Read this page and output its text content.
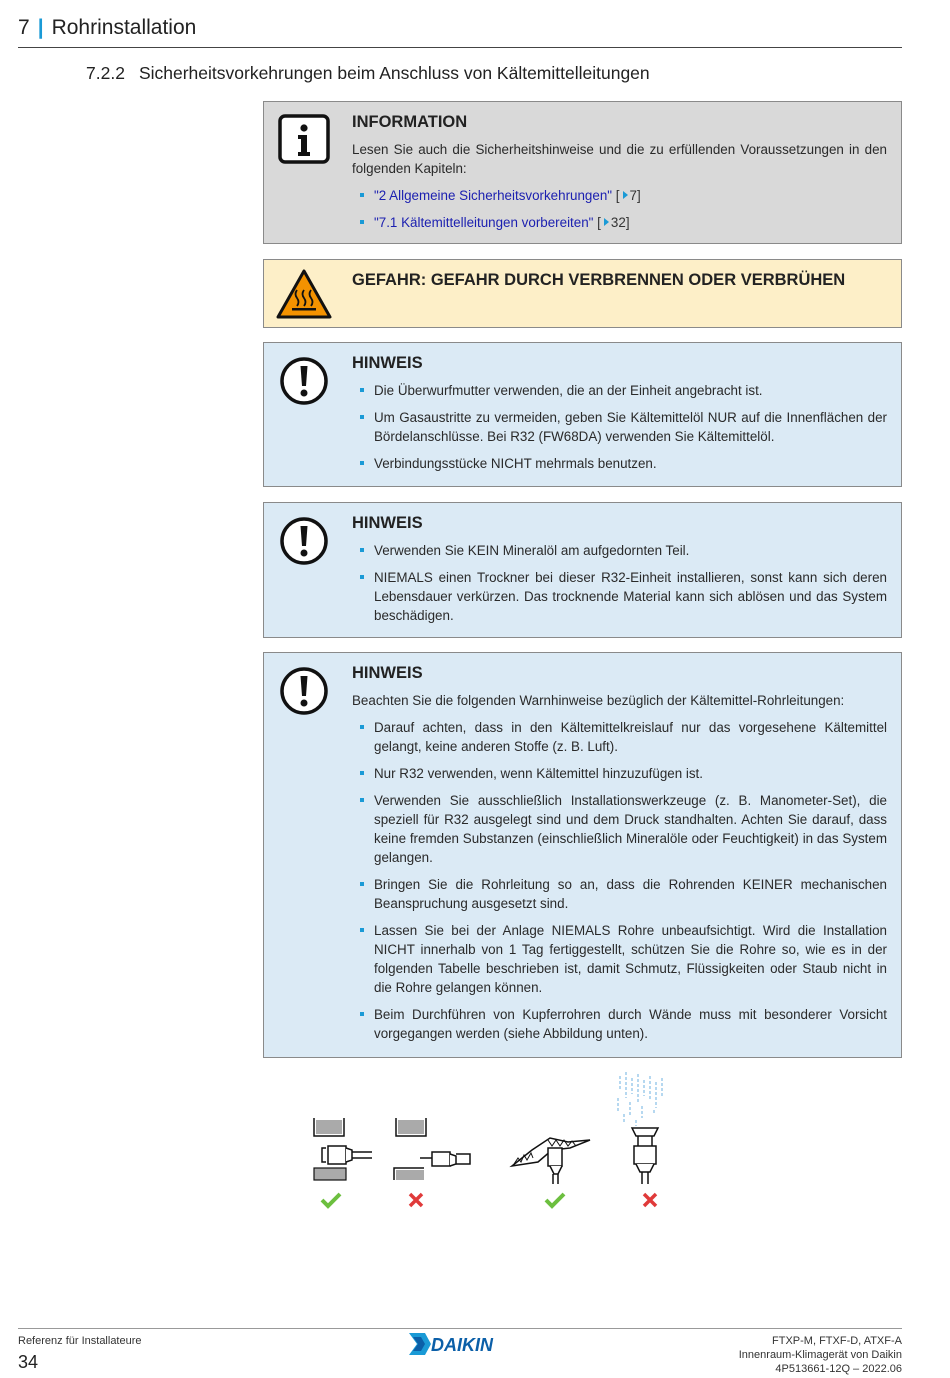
7 | Rohrinstallation
7.2.2 Sicherheitsvorkehrungen beim Anschluss von Kältemittelleitungen
INFORMATION

Lesen Sie auch die Sicherheitshinweise und die zu erfüllenden Voraussetzungen in den folgenden Kapiteln:

"2 Allgemeine Sicherheitsvorkehrungen" [ 7]
"7.1 Kältemittelleitungen vorbereiten" [ 32]
GEFAHR: GEFAHR DURCH VERBRENNEN ODER VERBRÜHEN
HINWEIS
Die Überwurfmutter verwenden, die an der Einheit angebracht ist.
Um Gasaustritte zu vermeiden, geben Sie Kältemittelöl NUR auf die Innenflächen der Bördelanschlüsse. Bei R32 (FW68DA) verwenden Sie Kältemittelöl.
Verbindungsstücke NICHT mehrmals benutzen.
HINWEIS
Verwenden Sie KEIN Mineralöl am aufgedornten Teil.
NIEMALS einen Trockner bei dieser R32-Einheit installieren, sonst kann sich deren Lebensdauer verkürzen. Das trocknende Material kann sich ablösen und das System beschädigen.
HINWEIS

Beachten Sie die folgenden Warnhinweise bezüglich der Kältemittel-Rohrleitungen:

Darauf achten, dass in den Kältemittelkreislauf nur das vorgesehene Kältemittel gelangt, keine anderen Stoffe (z. B. Luft).
Nur R32 verwenden, wenn Kältemittel hinzuzufügen ist.
Verwenden Sie ausschließlich Installationswerkzeuge (z. B. Manometer-Set), die speziell für R32 ausgelegt sind und dem Druck standhalten. Achten Sie darauf, dass keine fremden Substanzen (einschließlich Mineralöle oder Feuchtigkeit) in das System gelangen.
Bringen Sie die Rohrleitung so an, dass die Rohrenden KEINER mechanischen Beanspruchung ausgesetzt sind.
Lassen Sie bei der Anlage NIEMALS Rohre unbeaufsichtigt. Wird die Installation NICHT innerhalb von 1 Tag fertiggestellt, schützen Sie die Rohre so, wie es in der folgenden Tabelle beschrieben ist, damit Schmutz, Flüssigkeiten oder Staub nicht in die Rohre gelangen können.
Beim Durchführen von Kupferrohren durch Wände muss mit besonderer Vorsicht vorgegangen werden (siehe Abbildung unten).
Referenz für Installateure
34
DAIKIN	FTXP-M, FTXF-D, ATXF-A
Innenraum-Klimagerät von Daikin
4P513661-12Q – 2022.06
